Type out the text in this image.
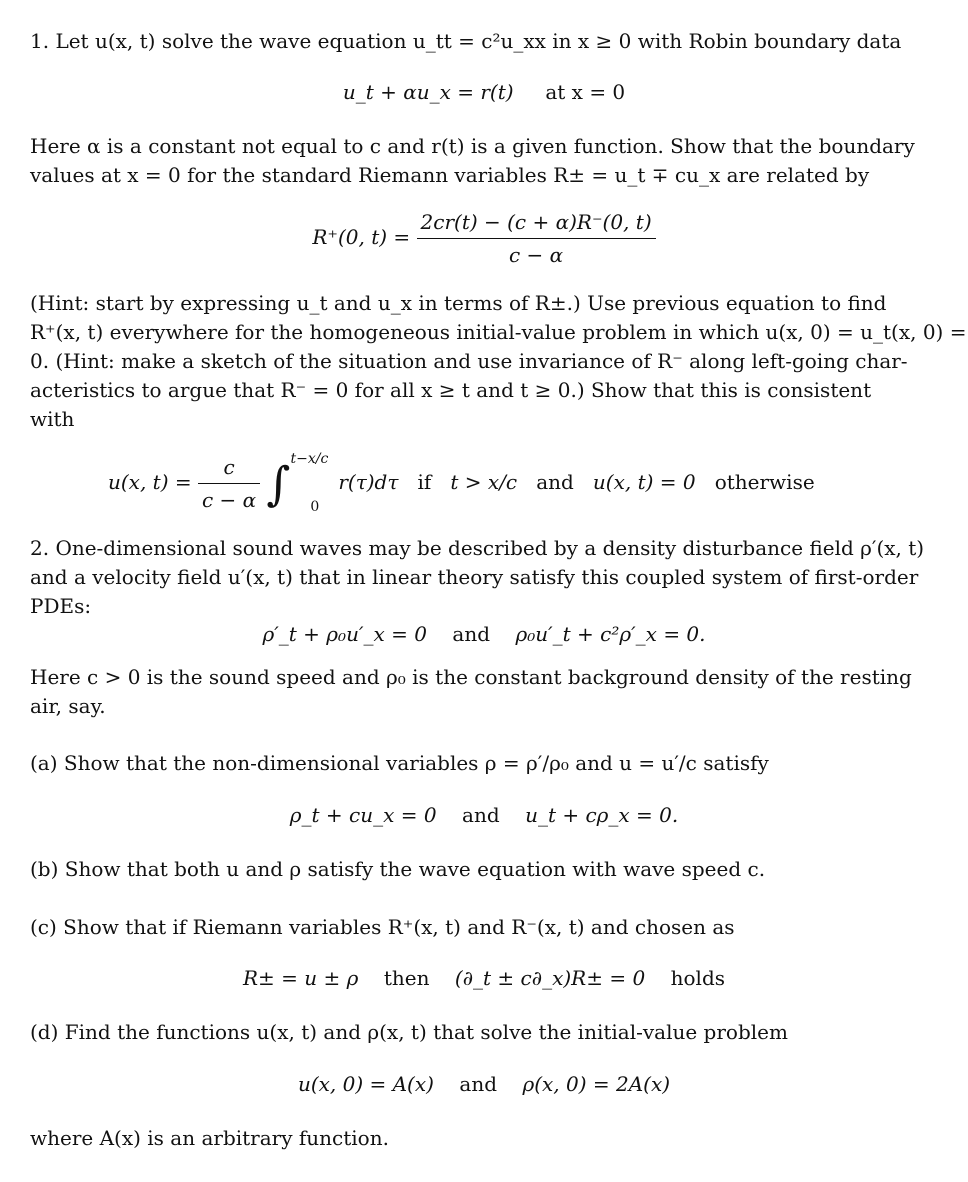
1. Let u(x, t) solve the wave equation u_tt = c²u_xx in x ≥ 0 with Robin boundary data
u_t + αu_x = r(t) at x = 0
Here α is a constant not equal to c and r(t) is a given function. Show that the boundary
values at x = 0 for the standard Riemann variables R± = u_t ∓ cu_x are related by
R⁺(0, $t) = \frac{2cr(t) - (c + \alpha)R^-(0, t)}{c - \alpha}$
(Hint: start by expressing u_t and u_x in terms of R±.) Use previous equation to find
R⁺(x, t) everywhere for the homogeneous initial-value problem in which u(x, 0) = u_t(x, 0) =
0. (Hint: make a sketch of the situation and use invariance of R⁻ along left-going char-
acteristics to argue that R⁻ = 0 for all x ≥ t and t ≥ 0.) Show that this is consistent
with
u(x, $t) = \frac{c}{c - \alpha} \int^{t-x/c}_0$   r(τ)dτ if t > x/c and u(x, t) = 0 otherwise
2. One-dimensional sound waves may be described by a density disturbance field ρ′(x, t)
and a velocity field u′(x, t) that in linear theory satisfy this coupled system of first-order
PDEs:
ρ′_t + ρ₀u′_x = 0 and ρ₀u′_t + c²ρ′_x = 0.
Here c > 0 is the sound speed and ρ₀ is the constant background density of the resting
air, say.
(a) Show that the non-dimensional variables ρ = ρ′/ρ₀ and u = u′/c satisfy
ρ_t + cu_x = 0 and u_t + cρ_x = 0.
(b) Show that both u and ρ satisfy the wave equation with wave speed c.
(c) Show that if Riemann variables R⁺(x, t) and R⁻(x, t) and chosen as
R± = u ± ρ then (∂_t ± c∂_x)R± = 0 holds
(d) Find the functions u(x, t) and ρ(x, t) that solve the initial-value problem
u(x, 0) = A(x) and ρ(x, 0) = 2A(x)
where A(x) is an arbitrary function.
